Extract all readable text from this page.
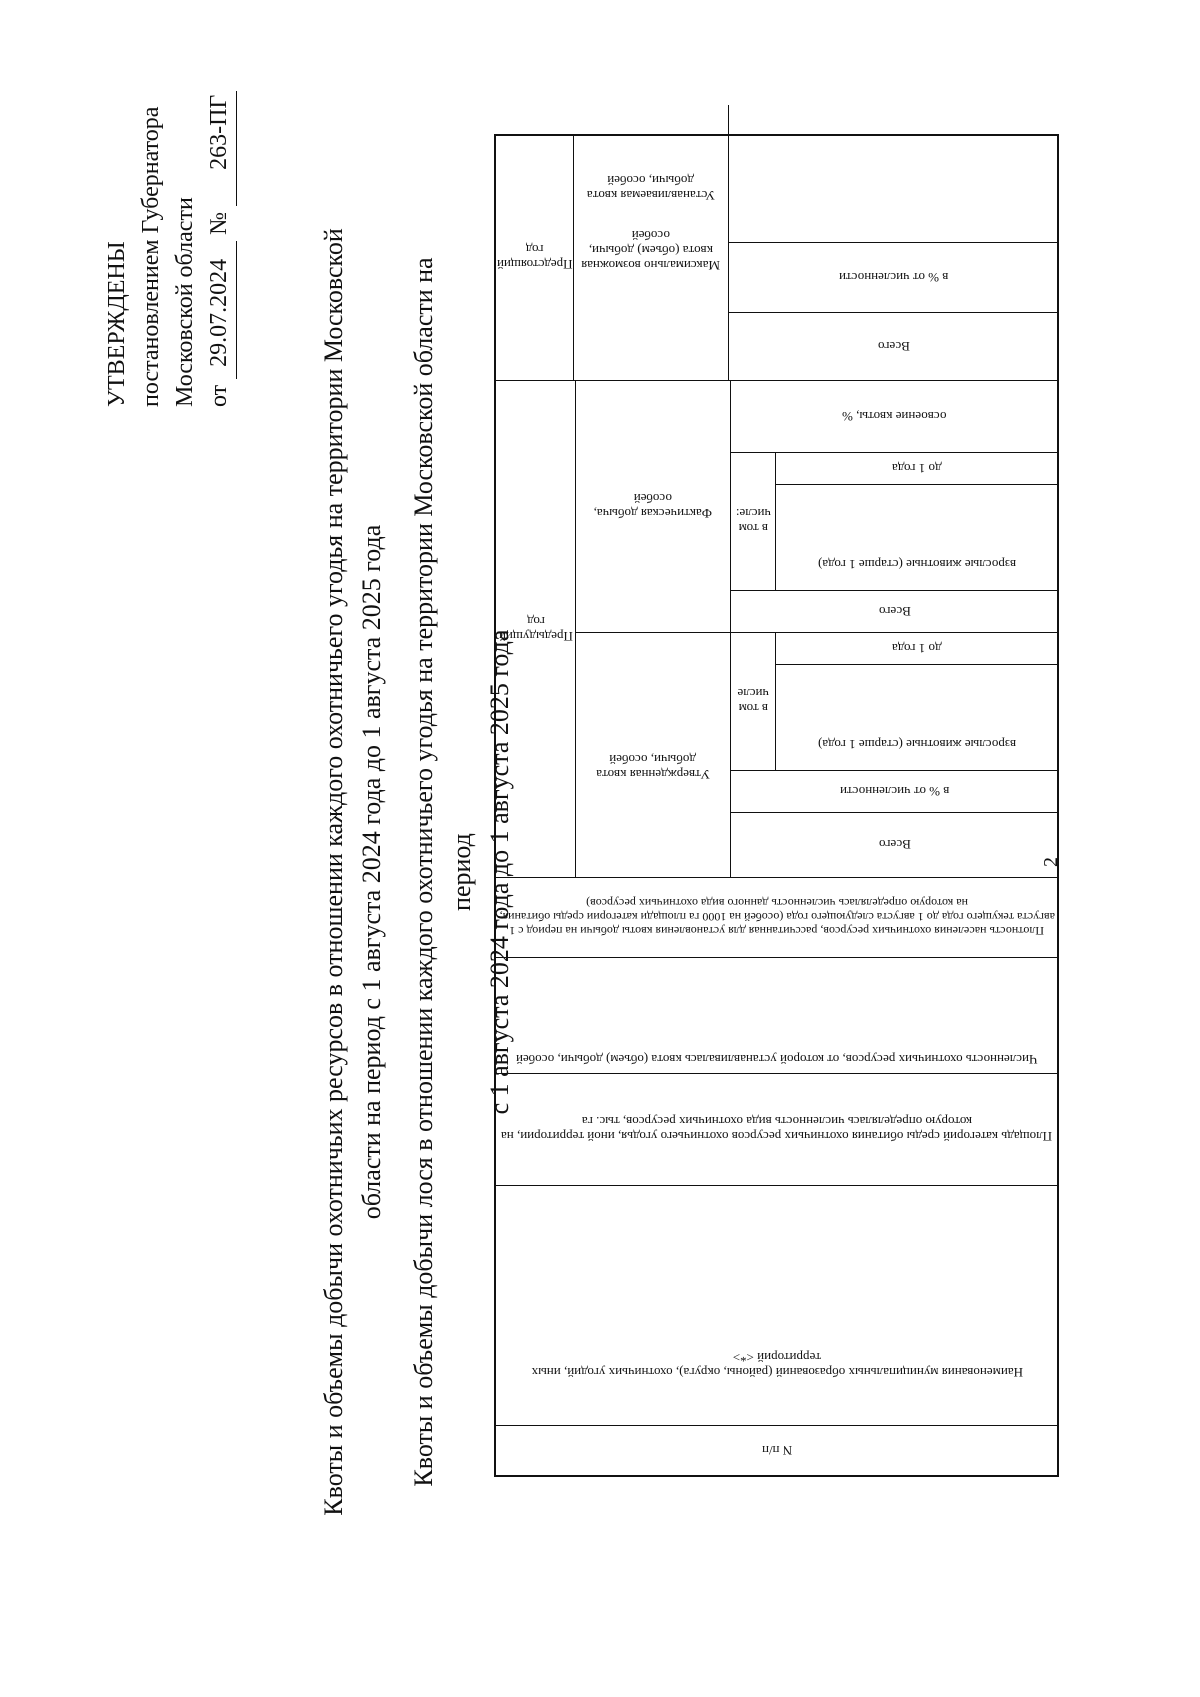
УТВЕРЖДЕНЫ постановлением Губернатора Московской области от 29.07.2024 № 263-ПГ
Квоты и объемы добычи охотничьих ресурсов в отношении каждого охотничьего угодья на территории Московской области на период с 1 августа 2024 года до 1 августа 2025 года Квоты и объемы добычи лося в отношении каждого охотничьего угодья на территории Московской области на период с 1 августа 2024 года до 1 августа 2025 года
N п/п
Наименования муниципальных образований (районы, округа), охотничьих угодий, иных территорий <*>
Площадь категорий среды обитания охотничьих ресурсов охотничьего угодья, иной территории, на которую определялась численность вида охотничьих ресурсов, тыс. га
Численность охотничьих ресурсов, от которой устанавливалась квота (объем) добычи, особей
Плотность населения охотничьих ресурсов, рассчитанная для установления квоты добычи на период с 1 августа текущего года до 1 августа следующего года (особей на 1000 га площади категории среды обитания, на которую определялась численность данного вида охотничьих ресурсов)
Предыдущий год
Утвержденная квота добычи, особей
Фактическая добыча, особей
Всего
в % от численности
в том числе
взрослые животные (старше 1 года)
до 1 года
Всего
в том числе:
взрослые животные (старше 1 года)
до 1 года
освоение квоты, %
Предстоящий год
Максимально возможная квота (объем) добычи, особей
Всего
в % от численности
Устанавливаемая квота добычи, особей
2
